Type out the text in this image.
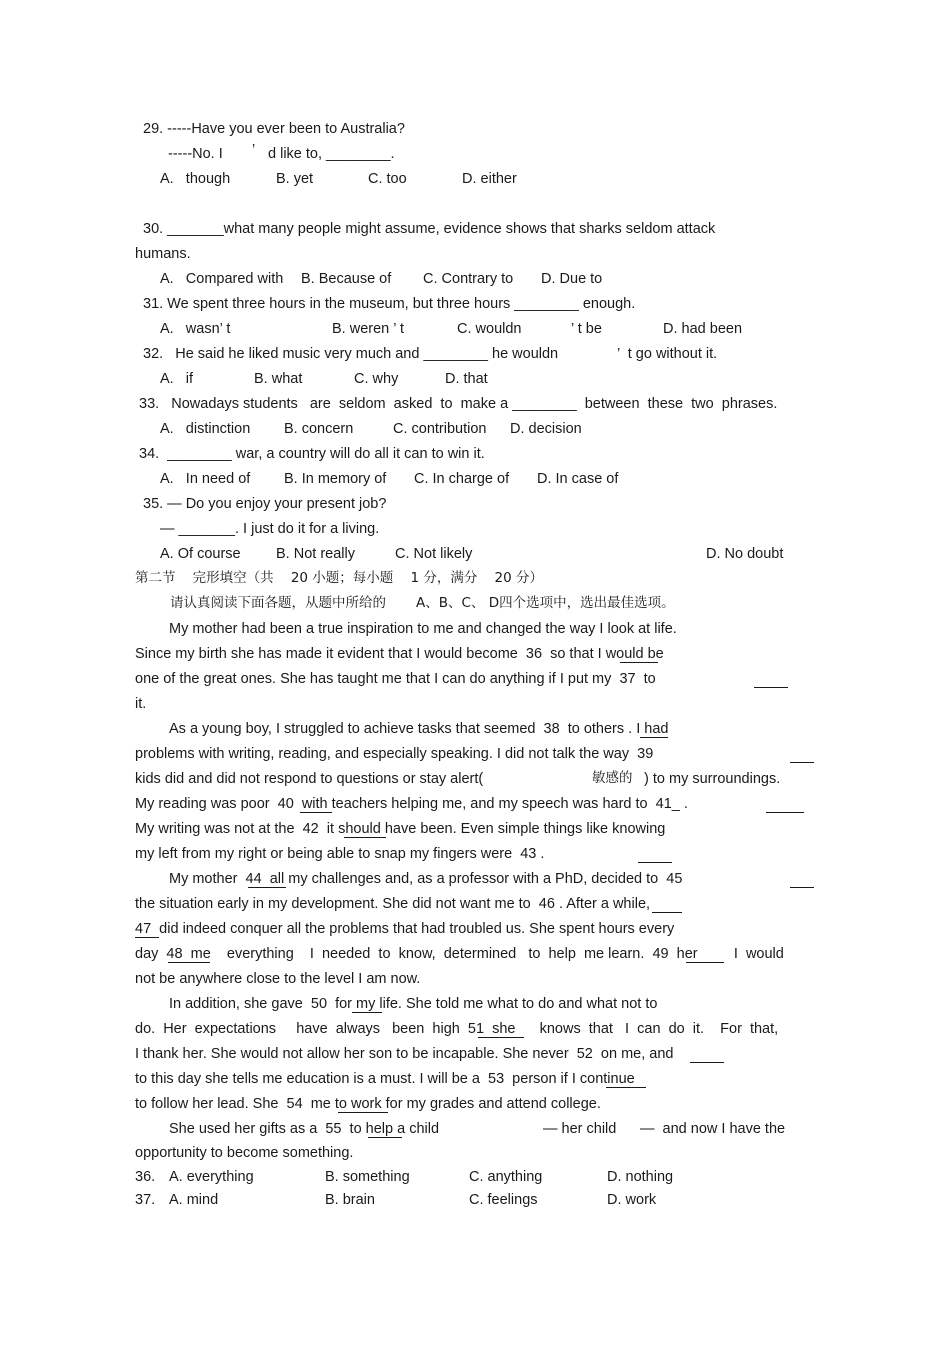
29. -----Have you ever been to Australia?
-----No. I ’ d like to, ________.
A.   though	B. yet	C. too	D. either
30. _______what many people might assume, evidence shows that sharks seldom attack
humans.
A.   Compared with B. Because of C. Contrary to D. Due to
31. We spent three hours in the museum, but three hours ________ enough.
A.   wasn’ t	B. weren ’ t	C. wouldn	’ t be	D. had been
32.   He said he liked music very much and ________ he wouldn	’  t go without it.
A.   if	B. what	C. why	D. that
33.   Nowadays students   are  seldom  asked  to  make a ________  between  these  two  phrases.
A.   distinction B. concern	C. contribution D. decision
34.  ________ war, a country will do all it can to win it.
A.   In need of B. In memory of C. In charge of D. In case of
35. — Do you enjoy your present job?
— _______. I just do it for a living.
A. Of course B. Not really	C. Not likely	D. No doubt
第二节    完形填空（共    20 小题；每小题    1 分，满分    20 分）
请认真阅读下面各题，从题中所给的       A、B、C、 D四个选项中，选出最佳选项。
My mother had been a true inspiration to me and changed the way I look at life.
Since my birth she has made it evident that I would become  36  so that I would be
one of the great ones. She has taught me that I can do anything if I put my  37  to
it.
As a young boy, I struggled to achieve tasks that seemed  38  to others . I had
problems with writing, reading, and especially speaking. I did not talk the way  39
kids did and did not respond to questions or stay alert(	敏感的 ) to my surroundings.
My reading was poor  40  with teachers helping me, and my speech was hard to  41_ .
My writing was not at the  42  it should have been. Even simple things like knowing
my left from my right or being able to snap my fingers were  43 .
My mother  44  all my challenges and, as a professor with a PhD, decided to  45
the situation early in my development. She did not want me to  46 . After a while,
47  did indeed conquer all the problems that had troubled us. She spent hours every
day  48  me    everything    I  needed  to  know,  determined   to  help  me learn.  49  her         I  would
not be anywhere close to the level I am now.
In addition, she gave  50  for my life. She told me what to do and what not to
do.  Her  expectations     have  always   been  high  51  she      knows  that   I  can  do  it.    For  that,
I thank her. She would not allow her son to be incapable. She never  52  on me, and
to this day she tells me education is a must. I will be a  53  person if I continue
to follow her lead. She  54  me to work for my grades and attend college.
She used her gifts as a  55  to help a child	— her child —  and now I have the
opportunity to become something.
36. A. everything	B. something	C. anything	D. nothing
37. A. mind	B. brain	C. feelings	D. work
